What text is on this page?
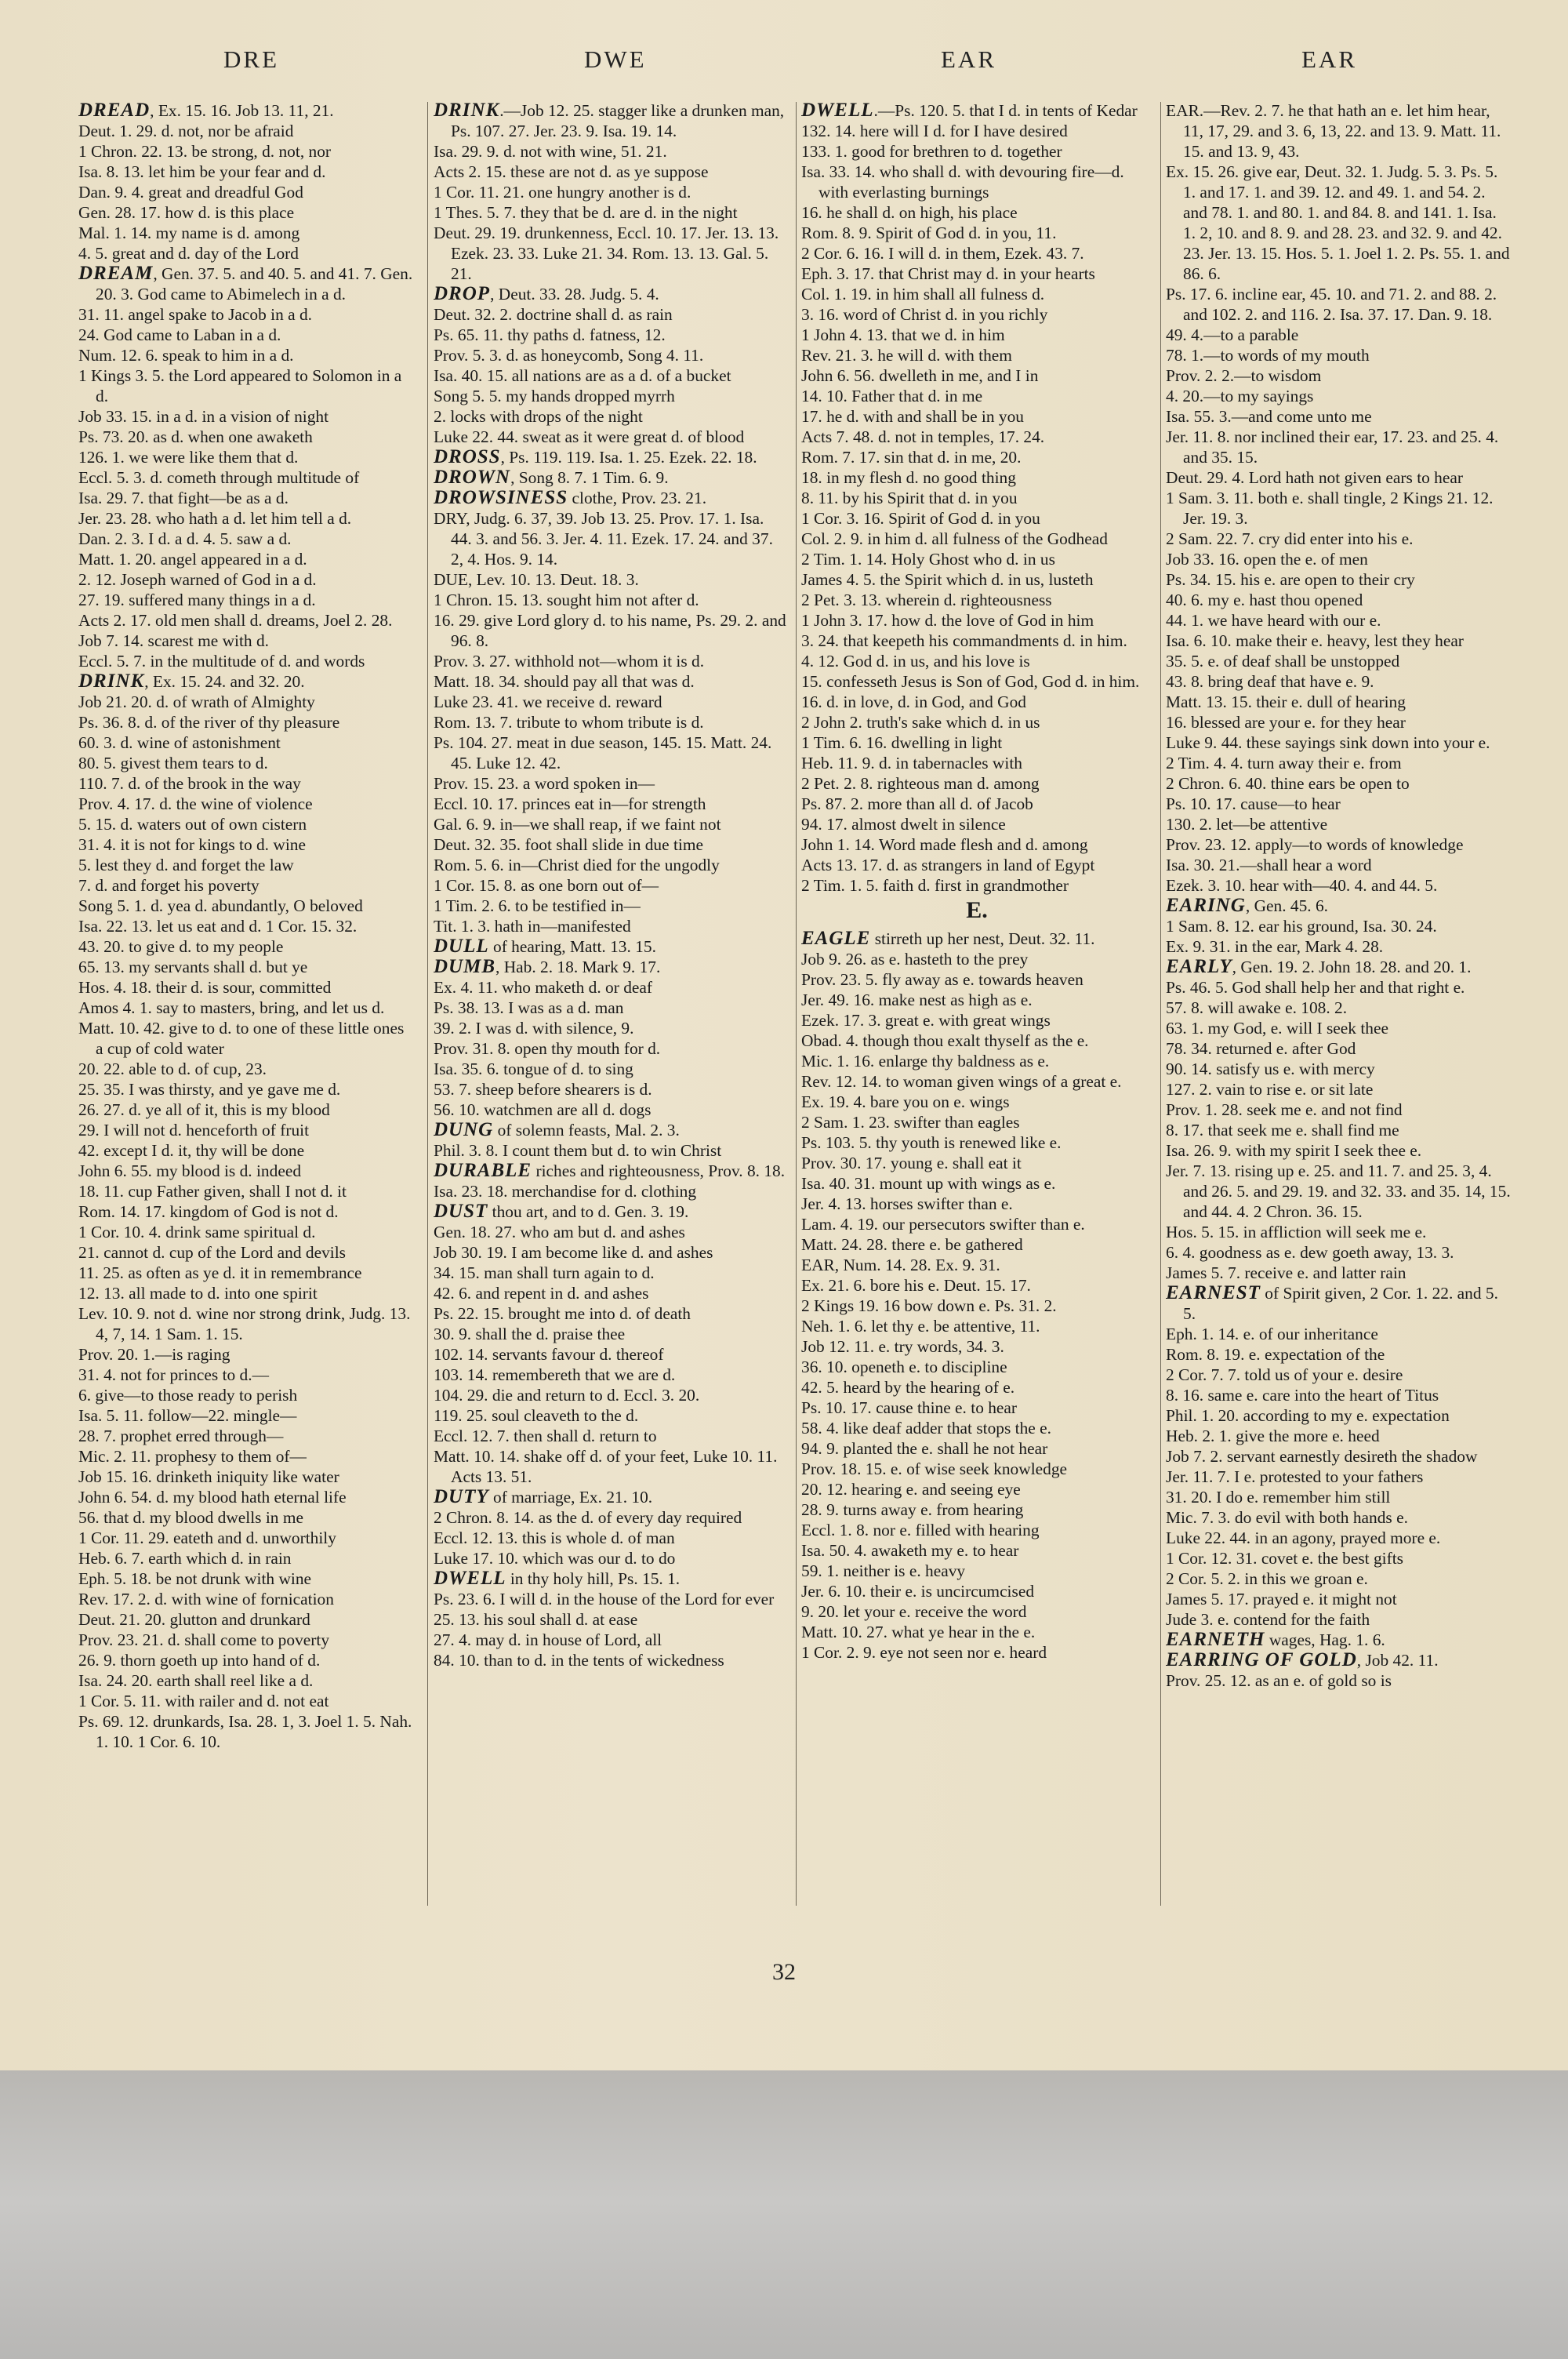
DRE	DWE	EAR	EAR

DREAD, Ex. 15. 16. Job 13. 11, 21.

Deut. 1. 29. d. not, nor be afraid

1 Chron. 22. 13. be strong, d. not, nor

Isa. 8. 13. let him be your fear and d.

Dan. 9. 4. great and dreadful God

Gen. 28. 17. how d. is this place

Mal. 1. 14. my name is d. among

4. 5. great and d. day of the Lord

DREAM, Gen. 37. 5. and 40. 5. and 41. 7. Gen. 20. 3. God came to Abimelech in a d.

31. 11. angel spake to Jacob in a d.

24. God came to Laban in a d.

Num. 12. 6. speak to him in a d.

1 Kings 3. 5. the Lord appeared to Solomon in a d.

Job 33. 15. in a d. in a vision of night

Ps. 73. 20. as d. when one awaketh

126. 1. we were like them that d.

Eccl. 5. 3. d. cometh through multitude of

Isa. 29. 7. that fight—be as a d.

Jer. 23. 28. who hath a d. let him tell a d.

Dan. 2. 3. I d. a d. 4. 5. saw a d.

Matt. 1. 20. angel appeared in a d.

2. 12. Joseph warned of God in a d.

27. 19. suffered many things in a d.

Acts 2. 17. old men shall d. dreams, Joel 2. 28.

Job 7. 14. scarest me with d.

Eccl. 5. 7. in the multitude of d. and words

DRINK, Ex. 15. 24. and 32. 20.

Job 21. 20. d. of wrath of Almighty

Ps. 36. 8. d. of the river of thy pleasure

60. 3. d. wine of astonishment

80. 5. givest them tears to d.

110. 7. d. of the brook in the way

Prov. 4. 17. d. the wine of violence

5. 15. d. waters out of own cistern

31. 4. it is not for kings to d. wine

5. lest they d. and forget the law

7. d. and forget his poverty

Song 5. 1. d. yea d. abundantly, O beloved

Isa. 22. 13. let us eat and d. 1 Cor. 15. 32.

43. 20. to give d. to my people

65. 13. my servants shall d. but ye

Hos. 4. 18. their d. is sour, committed

Amos 4. 1. say to masters, bring, and let us d.

Matt. 10. 42. give to d. to one of these little ones a cup of cold water

20. 22. able to d. of cup, 23.

25. 35. I was thirsty, and ye gave me d.

26. 27. d. ye all of it, this is my blood

29. I will not d. henceforth of fruit

42. except I d. it, thy will be done

John 6. 55. my blood is d. indeed

18. 11. cup Father given, shall I not d. it

Rom. 14. 17. kingdom of God is not d.

1 Cor. 10. 4. drink same spiritual d.

21. cannot d. cup of the Lord and devils

11. 25. as often as ye d. it in remembrance

12. 13. all made to d. into one spirit

Lev. 10. 9. not d. wine nor strong drink, Judg. 13. 4, 7, 14. 1 Sam. 1. 15.

Prov. 20. 1.—is raging

31. 4. not for princes to d.—

6. give—to those ready to perish

Isa. 5. 11. follow—22. mingle—

28. 7. prophet erred through—

Mic. 2. 11. prophesy to them of—

Job 15. 16. drinketh iniquity like water

John 6. 54. d. my blood hath eternal life

56. that d. my blood dwells in me

1 Cor. 11. 29. eateth and d. unworthily

Heb. 6. 7. earth which d. in rain

Eph. 5. 18. be not drunk with wine

Rev. 17. 2. d. with wine of fornication

Deut. 21. 20. glutton and drunkard

Prov. 23. 21. d. shall come to poverty

26. 9. thorn goeth up into hand of d.

Isa. 24. 20. earth shall reel like a d.

1 Cor. 5. 11. with railer and d. not eat

Ps. 69. 12. drunkards, Isa. 28. 1, 3. Joel 1. 5. Nah. 1. 10. 1 Cor. 6. 10.

DRINK.—Job 12. 25. stagger like a drunken man, Ps. 107. 27. Jer. 23. 9. Isa. 19. 14.

Isa. 29. 9. d. not with wine, 51. 21.

Acts 2. 15. these are not d. as ye suppose

1 Cor. 11. 21. one hungry another is d.

1 Thes. 5. 7. they that be d. are d. in the night

Deut. 29. 19. drunkenness, Eccl. 10. 17. Jer. 13. 13. Ezek. 23. 33. Luke 21. 34. Rom. 13. 13. Gal. 5. 21.

DROP, Deut. 33. 28. Judg. 5. 4.

Deut. 32. 2. doctrine shall d. as rain

Ps. 65. 11. thy paths d. fatness, 12.

Prov. 5. 3. d. as honeycomb, Song 4. 11.

Isa. 40. 15. all nations are as a d. of a bucket

Song 5. 5. my hands dropped myrrh

2. locks with drops of the night

Luke 22. 44. sweat as it were great d. of blood

DROSS, Ps. 119. 119. Isa. 1. 25. Ezek. 22. 18.

DROWN, Song 8. 7. 1 Tim. 6. 9.

DROWSINESS clothe, Prov. 23. 21.

DRY, Judg. 6. 37, 39. Job 13. 25. Prov. 17. 1. Isa. 44. 3. and 56. 3. Jer. 4. 11. Ezek. 17. 24. and 37. 2, 4. Hos. 9. 14.

DUE, Lev. 10. 13. Deut. 18. 3.

1 Chron. 15. 13. sought him not after d.

16. 29. give Lord glory d. to his name, Ps. 29. 2. and 96. 8.

Prov. 3. 27. withhold not—whom it is d.

Matt. 18. 34. should pay all that was d.

Luke 23. 41. we receive d. reward

Rom. 13. 7. tribute to whom tribute is d.

Ps. 104. 27. meat in due season, 145. 15. Matt. 24. 45. Luke 12. 42.

Prov. 15. 23. a word spoken in—

Eccl. 10. 17. princes eat in—for strength

Gal. 6. 9. in—we shall reap, if we faint not

Deut. 32. 35. foot shall slide in due time

Rom. 5. 6. in—Christ died for the ungodly

1 Cor. 15. 8. as one born out of—

1 Tim. 2. 6. to be testified in—

Tit. 1. 3. hath in—manifested

DULL of hearing, Matt. 13. 15.

DUMB, Hab. 2. 18. Mark 9. 17.

Ex. 4. 11. who maketh d. or deaf

Ps. 38. 13. I was as a d. man

39. 2. I was d. with silence, 9.

Prov. 31. 8. open thy mouth for d.

Isa. 35. 6. tongue of d. to sing

53. 7. sheep before shearers is d.

56. 10. watchmen are all d. dogs

DUNG of solemn feasts, Mal. 2. 3.

Phil. 3. 8. I count them but d. to win Christ

DURABLE riches and righteousness, Prov. 8. 18.

Isa. 23. 18. merchandise for d. clothing

DUST thou art, and to d. Gen. 3. 19.

Gen. 18. 27. who am but d. and ashes

Job 30. 19. I am become like d. and ashes

34. 15. man shall turn again to d.

42. 6. and repent in d. and ashes

Ps. 22. 15. brought me into d. of death

30. 9. shall the d. praise thee

102. 14. servants favour d. thereof

103. 14. remembereth that we are d.

104. 29. die and return to d. Eccl. 3. 20.

119. 25. soul cleaveth to the d.

Eccl. 12. 7. then shall d. return to

Matt. 10. 14. shake off d. of your feet, Luke 10. 11. Acts 13. 51.

DUTY of marriage, Ex. 21. 10.

2 Chron. 8. 14. as the d. of every day required

Eccl. 12. 13. this is whole d. of man

Luke 17. 10. which was our d. to do

DWELL in thy holy hill, Ps. 15. 1.

Ps. 23. 6. I will d. in the house of the Lord for ever

25. 13. his soul shall d. at ease

27. 4. may d. in house of Lord, all

84. 10. than to d. in the tents of wickedness

DWELL.—Ps. 120. 5. that I d. in tents of Kedar

132. 14. here will I d. for I have desired

133. 1. good for brethren to d. together

Isa. 33. 14. who shall d. with devouring fire—d. with everlasting burnings

16. he shall d. on high, his place

Rom. 8. 9. Spirit of God d. in you, 11.

2 Cor. 6. 16. I will d. in them, Ezek. 43. 7.

Eph. 3. 17. that Christ may d. in your hearts

Col. 1. 19. in him shall all fulness d.

3. 16. word of Christ d. in you richly

1 John 4. 13. that we d. in him

Rev. 21. 3. he will d. with them

John 6. 56. dwelleth in me, and I in

14. 10. Father that d. in me

17. he d. with and shall be in you

Acts 7. 48. d. not in temples, 17. 24.

Rom. 7. 17. sin that d. in me, 20.

18. in my flesh d. no good thing

8. 11. by his Spirit that d. in you

1 Cor. 3. 16. Spirit of God d. in you

Col. 2. 9. in him d. all fulness of the Godhead

2 Tim. 1. 14. Holy Ghost who d. in us

James 4. 5. the Spirit which d. in us, lusteth

2 Pet. 3. 13. wherein d. righteousness

1 John 3. 17. how d. the love of God in him

3. 24. that keepeth his commandments d. in him.

4. 12. God d. in us, and his love is

15. confesseth Jesus is Son of God, God d. in him.

16. d. in love, d. in God, and God

2 John 2. truth's sake which d. in us

1 Tim. 6. 16. dwelling in light

Heb. 11. 9. d. in tabernacles with

2 Pet. 2. 8. righteous man d. among

Ps. 87. 2. more than all d. of Jacob

94. 17. almost dwelt in silence

John 1. 14. Word made flesh and d. among

Acts 13. 17. d. as strangers in land of Egypt

2 Tim. 1. 5. faith d. first in grandmother

E.

EAGLE stirreth up her nest, Deut. 32. 11.

Job 9. 26. as e. hasteth to the prey

Prov. 23. 5. fly away as e. towards heaven

Jer. 49. 16. make nest as high as e.

Ezek. 17. 3. great e. with great wings

Obad. 4. though thou exalt thyself as the e.

Mic. 1. 16. enlarge thy baldness as e.

Rev. 12. 14. to woman given wings of a great e.

Ex. 19. 4. bare you on e. wings

2 Sam. 1. 23. swifter than eagles

Ps. 103. 5. thy youth is renewed like e.

Prov. 30. 17. young e. shall eat it

Isa. 40. 31. mount up with wings as e.

Jer. 4. 13. horses swifter than e.

Lam. 4. 19. our persecutors swifter than e.

Matt. 24. 28. there e. be gathered

EAR, Num. 14. 28. Ex. 9. 31.

Ex. 21. 6. bore his e. Deut. 15. 17.

2 Kings 19. 16 bow down e. Ps. 31. 2.

Neh. 1. 6. let thy e. be attentive, 11.

Job 12. 11. e. try words, 34. 3.

36. 10. openeth e. to discipline

42. 5. heard by the hearing of e.

Ps. 10. 17. cause thine e. to hear

58. 4. like deaf adder that stops the e.

94. 9. planted the e. shall he not hear

Prov. 18. 15. e. of wise seek knowledge

20. 12. hearing e. and seeing eye

28. 9. turns away e. from hearing

Eccl. 1. 8. nor e. filled with hearing

Isa. 50. 4. awaketh my e. to hear

59. 1. neither is e. heavy

Jer. 6. 10. their e. is uncircumcised

9. 20. let your e. receive the word

Matt. 10. 27. what ye hear in the e.

1 Cor. 2. 9. eye not seen nor e. heard

EAR.—Rev. 2. 7. he that hath an e. let him hear, 11, 17, 29. and 3. 6, 13, 22. and 13. 9. Matt. 11. 15. and 13. 9, 43.

Ex. 15. 26. give ear, Deut. 32. 1. Judg. 5. 3. Ps. 5. 1. and 17. 1. and 39. 12. and 49. 1. and 54. 2. and 78. 1. and 80. 1. and 84. 8. and 141. 1. Isa. 1. 2, 10. and 8. 9. and 28. 23. and 32. 9. and 42. 23. Jer. 13. 15. Hos. 5. 1. Joel 1. 2. Ps. 55. 1. and 86. 6.

Ps. 17. 6. incline ear, 45. 10. and 71. 2. and 88. 2. and 102. 2. and 116. 2. Isa. 37. 17. Dan. 9. 18.

49. 4.—to a parable

78. 1.—to words of my mouth

Prov. 2. 2.—to wisdom

4. 20.—to my sayings

Isa. 55. 3.—and come unto me

Jer. 11. 8. nor inclined their ear, 17. 23. and 25. 4. and 35. 15.

Deut. 29. 4. Lord hath not given ears to hear

1 Sam. 3. 11. both e. shall tingle, 2 Kings 21. 12. Jer. 19. 3.

2 Sam. 22. 7. cry did enter into his e.

Job 33. 16. open the e. of men

Ps. 34. 15. his e. are open to their cry

40. 6. my e. hast thou opened

44. 1. we have heard with our e.

Isa. 6. 10. make their e. heavy, lest they hear

35. 5. e. of deaf shall be unstopped

43. 8. bring deaf that have e. 9.

Matt. 13. 15. their e. dull of hearing

16. blessed are your e. for they hear

Luke 9. 44. these sayings sink down into your e.

2 Tim. 4. 4. turn away their e. from

2 Chron. 6. 40. thine ears be open to

Ps. 10. 17. cause—to hear

130. 2. let—be attentive

Prov. 23. 12. apply—to words of knowledge

Isa. 30. 21.—shall hear a word

Ezek. 3. 10. hear with—40. 4. and 44. 5.

EARING, Gen. 45. 6.

1 Sam. 8. 12. ear his ground, Isa. 30. 24.

Ex. 9. 31. in the ear, Mark 4. 28.

EARLY, Gen. 19. 2. John 18. 28. and 20. 1.

Ps. 46. 5. God shall help her and that right e.

57. 8. will awake e. 108. 2.

63. 1. my God, e. will I seek thee

78. 34. returned e. after God

90. 14. satisfy us e. with mercy

127. 2. vain to rise e. or sit late

Prov. 1. 28. seek me e. and not find

8. 17. that seek me e. shall find me

Isa. 26. 9. with my spirit I seek thee e.

Jer. 7. 13. rising up e. 25. and 11. 7. and 25. 3, 4. and 26. 5. and 29. 19. and 32. 33. and 35. 14, 15. and 44. 4. 2 Chron. 36. 15.

Hos. 5. 15. in affliction will seek me e.

6. 4. goodness as e. dew goeth away, 13. 3.

James 5. 7. receive e. and latter rain

EARNEST of Spirit given, 2 Cor. 1. 22. and 5. 5.

Eph. 1. 14. e. of our inheritance

Rom. 8. 19. e. expectation of the

2 Cor. 7. 7. told us of your e. desire

8. 16. same e. care into the heart of Titus

Phil. 1. 20. according to my e. expectation

Heb. 2. 1. give the more e. heed

Job 7. 2. servant earnestly desireth the shadow

Jer. 11. 7. I e. protested to your fathers

31. 20. I do e. remember him still

Mic. 7. 3. do evil with both hands e.

Luke 22. 44. in an agony, prayed more e.

1 Cor. 12. 31. covet e. the best gifts

2 Cor. 5. 2. in this we groan e.

James 5. 17. prayed e. it might not

Jude 3. e. contend for the faith

EARNETH wages, Hag. 1. 6.

EARRING OF GOLD, Job 42. 11.

Prov. 25. 12. as an e. of gold so is

32
